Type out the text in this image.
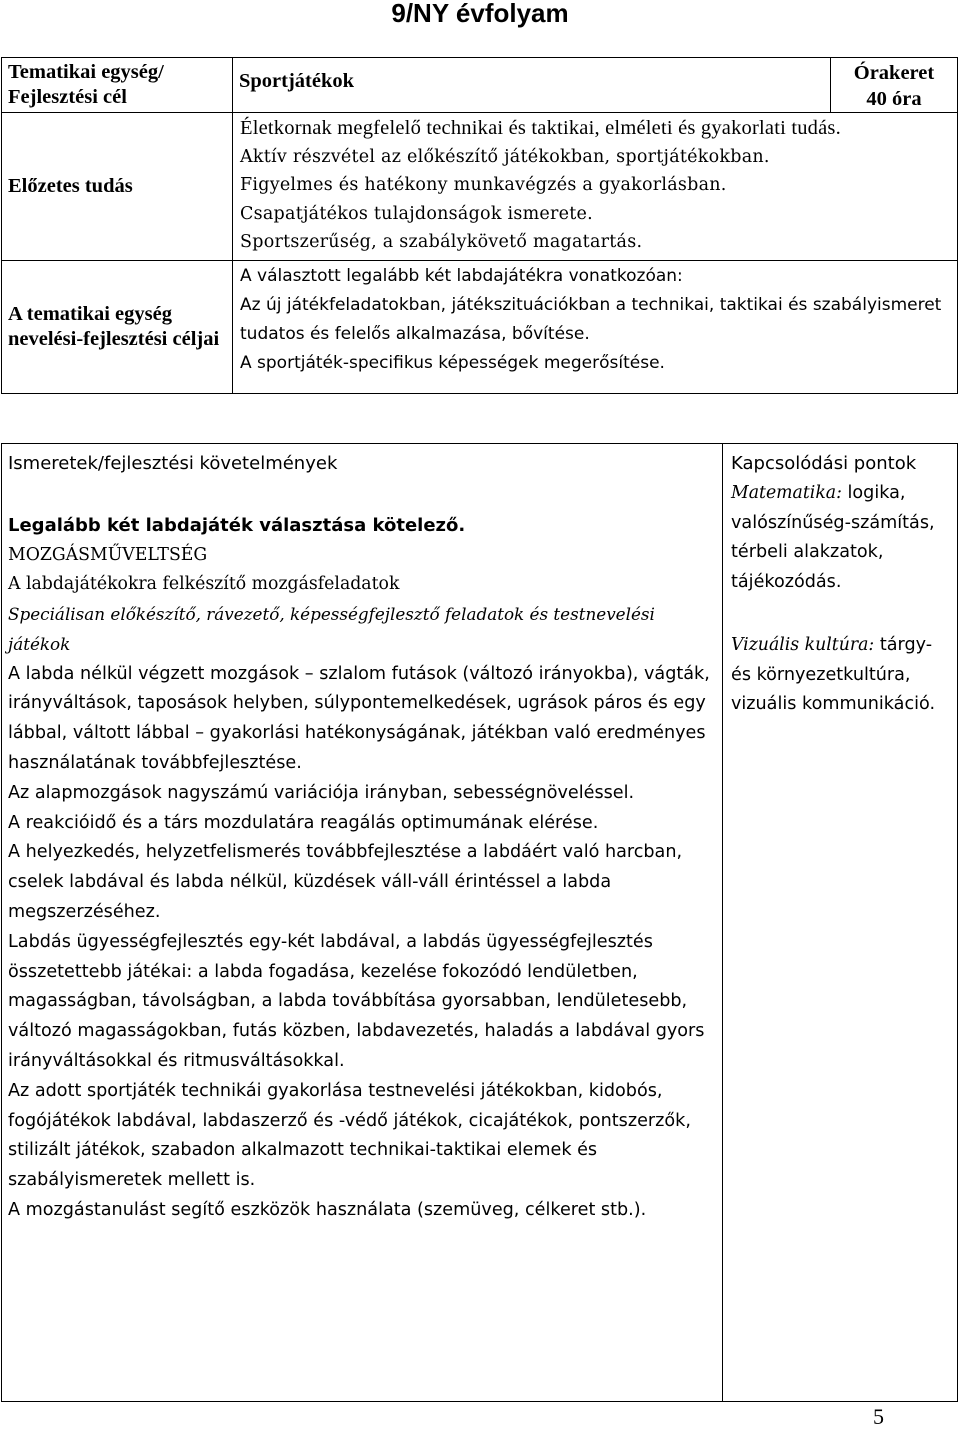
9/NY évfolyam
Tematikai egység/ Fejlesztési cél	Sportjátékok	Órakeret
40 óra

Előzetes tudás	Életkornak megfelelő technikai és taktikai, elméleti és gyakorlati tudás.
Aktív részvétel az előkészítő játékokban, sportjátékokban.
Figyelmes és hatékony munkavégzés a gyakorlásban.
Csapatjátékos tulajdonságok ismerete.
Sportszerűség, a szabálykövető magatartás.	

A tematikai egység nevelési-fejlesztési céljai	A választott legalább két labdajátékra vonatkozóan:
Az új játékfeladatokban, játékszituációkban a technikai, taktikai és szabályismeret tudatos és felelős alkalmazása, bővítése.
A sportjáték-specifikus képességek megerősítése.	
Ismeretek/fejlesztési követelmények
Legalább két labdajáték választása kötelező.
MOZGÁSMŰVELTSÉG
A labdajátékokra felkészítő mozgásfeladatok
Speciálisan előkészítő, rávezető, képességfejlesztő feladatok és testnevelési játékok
A labda nélkül végzett mozgások – szlalom futások (változó irányokba), vágták, irányváltások, taposások helyben, súlypontemelkedések, ugrások páros és egy lábbal, váltott lábbal – gyakorlási hatékonyságának, játékban való eredményes használatának továbbfejlesztése.
Az alapmozgások nagyszámú variációja irányban, sebességnöveléssel.
A reakcióidő és a társ mozdulatára reagálás optimumának elérése.
A helyezkedés, helyzetfelismerés továbbfejlesztése a labdáért való harcban, cselek labdával és labda nélkül, küzdések váll-váll érintéssel a labda megszerzéséhez.
Labdás ügyességfejlesztés egy-két labdával, a labdás ügyességfejlesztés összetettebb játékai: a labda fogadása, kezelése fokozódó lendületben, magasságban, távolságban, a labda továbbítása gyorsabban, lendületesebb, változó magasságokban, futás közben, labdavezetés, haladás a labdával gyors irányváltásokkal és ritmusváltásokkal.
Az adott sportjáték technikái gyakorlása testnevelési játékokban, kidobós, fogójátékok labdával, labdaszerző és -védő játékok, cicajátékok, pontszerzők, stilizált játékok, szabadon alkalmazott technikai-taktikai elemek és szabályismeretek mellett is.
A mozgástanulást segítő eszközök használata (szemüveg, célkeret stb.).

Kapcsolódási pontok
Matematika: logika, valószínűség-számítás, térbeli alakzatok, tájékozódás.
Vizuális kultúra: tárgy- és környezetkultúra, vizuális kommunikáció.
5
